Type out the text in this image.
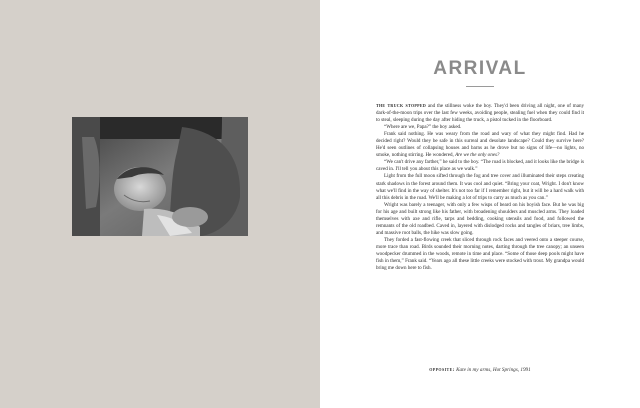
ARRIVAL

the truck stopped and the stillness woke the boy. They'd been driving all night, one of many dark-of-the-moon trips over the last few weeks, avoiding people, stealing fuel when they could find it to steal, sleeping during the day after hiding the truck, a pistol tucked in the floorboard.

“Where are we, Papa?” the boy asked.

Frank said nothing. He was weary from the road and wary of what they might find. Had he decided right? Would they be safe in this surreal and desolate landscape? Could they survive here? He'd seen outlines of collapsing houses and barns as he drove but no signs of life—no lights, no smoke, nothing stirring. He wondered, Are we the only ones?

“We can't drive any farther,” he said to the boy. “The road is blocked, and it looks like the bridge is caved in. I'll tell you about this place as we walk.”

Light from the full moon sifted through the fog and tree cover and illuminated their steps creating stark shadows in the forest around them. It was cool and quiet. “Bring your coat, Wright. I don't know what we'll find in the way of shelter. It's not too far if I remember right, but it will be a hard walk with all this debris in the road. We'll be making a lot of trips to carry as much as you can.”

Wright was barely a teenager, with only a few wisps of beard on his boyish face. But he was big for his age and built strong like his father, with broadening shoulders and muscled arms. They loaded themselves with axe and rifle, tarps and bedding, cooking utensils and food, and followed the remnants of the old roadbed. Caved in, layered with dislodged rocks and tangles of briars, tree limbs, and massive root balls, the hike was slow going.

They forded a fast-flowing creek that sliced through rock faces and veered onto a steeper course, more trace than road. Birds sounded their morning notes, darting through the tree canopy; an unseen woodpecker drummed in the woods, remote in time and place. “Some of those deep pools might have fish in them,” Frank said. “Years ago all these little creeks were stocked with trout. My grandpa would bring me down here to fish.

opposite: Kate in my arms, Hot Springs, 1991
